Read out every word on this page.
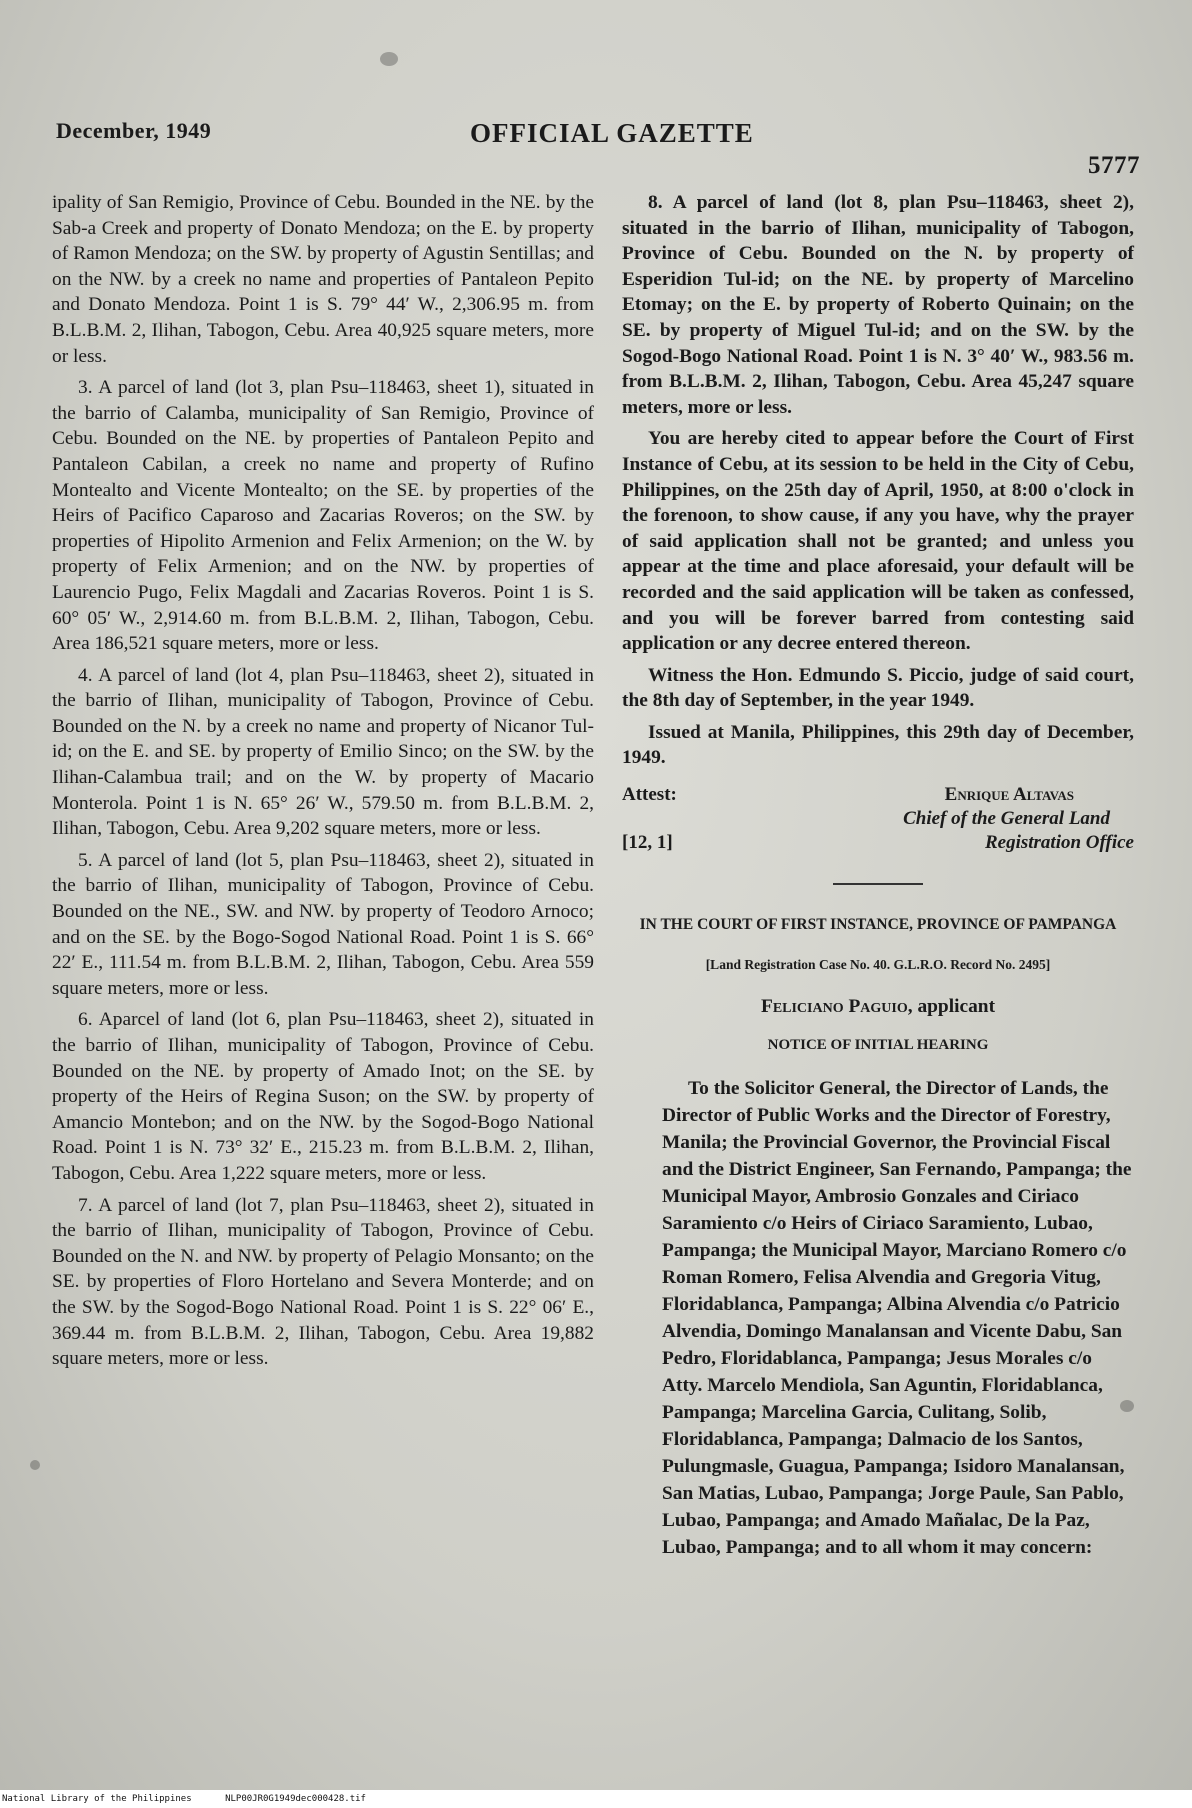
December, 1949	OFFICIAL GAZETTE
5777

ipality of San Remigio, Province of Cebu. Bounded in the NE. by the Sab-a Creek and property of Donato Mendoza; on the E. by property of Ramon Mendoza; on the SW. by property of Agustin Sentillas; and on the NW. by a creek no name and properties of Pantaleon Pepito and Donato Mendoza. Point 1 is S. 79° 44′ W., 2,306.95 m. from B.L.B.M. 2, Ilihan, Tabogon, Cebu. Area 40,925 square meters, more or less.

3. A parcel of land (lot 3, plan Psu–118463, sheet 1), situated in the barrio of Calamba, municipality of San Remigio, Province of Cebu. Bounded on the NE. by properties of Pantaleon Pepito and Pantaleon Cabilan, a creek no name and property of Rufino Montealto and Vicente Montealto; on the SE. by properties of the Heirs of Pacifico Caparoso and Zacarias Roveros; on the SW. by properties of Hipolito Armenion and Felix Armenion; on the W. by property of Felix Armenion; and on the NW. by properties of Laurencio Pugo, Felix Magdali and Zacarias Roveros. Point 1 is S. 60° 05′ W., 2,914.60 m. from B.L.B.M. 2, Ilihan, Tabogon, Cebu. Area 186,521 square meters, more or less.

4. A parcel of land (lot 4, plan Psu–118463, sheet 2), situated in the barrio of Ilihan, municipality of Tabogon, Province of Cebu. Bounded on the N. by a creek no name and property of Nicanor Tul-id; on the E. and SE. by property of Emilio Sinco; on the SW. by the Ilihan-Calambua trail; and on the W. by property of Macario Monterola. Point 1 is N. 65° 26′ W., 579.50 m. from B.L.B.M. 2, Ilihan, Tabogon, Cebu. Area 9,202 square meters, more or less.

5. A parcel of land (lot 5, plan Psu–118463, sheet 2), situated in the barrio of Ilihan, municipality of Tabogon, Province of Cebu. Bounded on the NE., SW. and NW. by property of Teodoro Arnoco; and on the SE. by the Bogo-Sogod National Road. Point 1 is S. 66° 22′ E., 111.54 m. from B.L.B.M. 2, Ilihan, Tabogon, Cebu. Area 559 square meters, more or less.

6. Aparcel of land (lot 6, plan Psu–118463, sheet 2), situated in the barrio of Ilihan, municipality of Tabogon, Province of Cebu. Bounded on the NE. by property of Amado Inot; on the SE. by property of the Heirs of Regina Suson; on the SW. by property of Amancio Montebon; and on the NW. by the Sogod-Bogo National Road. Point 1 is N. 73° 32′ E., 215.23 m. from B.L.B.M. 2, Ilihan, Tabogon, Cebu. Area 1,222 square meters, more or less.

7. A parcel of land (lot 7, plan Psu–118463, sheet 2), situated in the barrio of Ilihan, municipality of Tabogon, Province of Cebu. Bounded on the N. and NW. by property of Pelagio Monsanto; on the SE. by properties of Floro Hortelano and Severa Monterde; and on the SW. by the Sogod-Bogo National Road. Point 1 is S. 22° 06′ E., 369.44 m. from B.L.B.M. 2, Ilihan, Tabogon, Cebu. Area 19,882 square meters, more or less.

8. A parcel of land (lot 8, plan Psu–118463, sheet 2), situated in the barrio of Ilihan, municipality of Tabogon, Province of Cebu. Bounded on the N. by property of Esperidion Tul-id; on the NE. by property of Marcelino Etomay; on the E. by property of Roberto Quinain; on the SE. by property of Miguel Tul-id; and on the SW. by the Sogod-Bogo National Road. Point 1 is N. 3° 40′ W., 983.56 m. from B.L.B.M. 2, Ilihan, Tabogon, Cebu. Area 45,247 square meters, more or less.

You are hereby cited to appear before the Court of First Instance of Cebu, at its session to be held in the City of Cebu, Philippines, on the 25th day of April, 1950, at 8:00 o'clock in the forenoon, to show cause, if any you have, why the prayer of said application shall not be granted; and unless you appear at the time and place aforesaid, your default will be recorded and the said application will be taken as confessed, and you will be forever barred from contesting said application or any decree entered thereon.

Witness the Hon. Edmundo S. Piccio, judge of said court, the 8th day of September, in the year 1949.

Issued at Manila, Philippines, this 29th day of December, 1949.

Attest:	Enrique Altavas
Chief of the General Land
[12, 1]	Registration Office
IN THE COURT OF FIRST INSTANCE, PROVINCE OF PAMPANGA
[Land Registration Case No. 40. G.L.R.O. Record No. 2495]
Feliciano Paguio, applicant
NOTICE OF INITIAL HEARING

To the Solicitor General, the Director of Lands, the Director of Public Works and the Director of Forestry, Manila; the Provincial Governor, the Provincial Fiscal and the District Engineer, San Fernando, Pampanga; the Municipal Mayor, Ambrosio Gonzales and Ciriaco Saramiento c/o Heirs of Ciriaco Saramiento, Lubao, Pampanga; the Municipal Mayor, Marciano Romero c/o Roman Romero, Felisa Alvendia and Gregoria Vitug, Floridablanca, Pampanga; Albina Alvendia c/o Patricio Alvendia, Domingo Manalansan and Vicente Dabu, San Pedro, Floridablanca, Pampanga; Jesus Morales c/o Atty. Marcelo Mendiola, San Aguntin, Floridablanca, Pampanga; Marcelina Garcia, Culitang, Solib, Floridablanca, Pampanga; Dalmacio de los Santos, Pulungmasle, Guagua, Pampanga; Isidoro Manalansan, San Matias, Lubao, Pampanga; Jorge Paule, San Pablo, Lubao, Pampanga; and Amado Mañalac, De la Paz, Lubao, Pampanga; and to all whom it may concern:

National Library of the Philippines	NLP00JR0G1949dec000428.tif
